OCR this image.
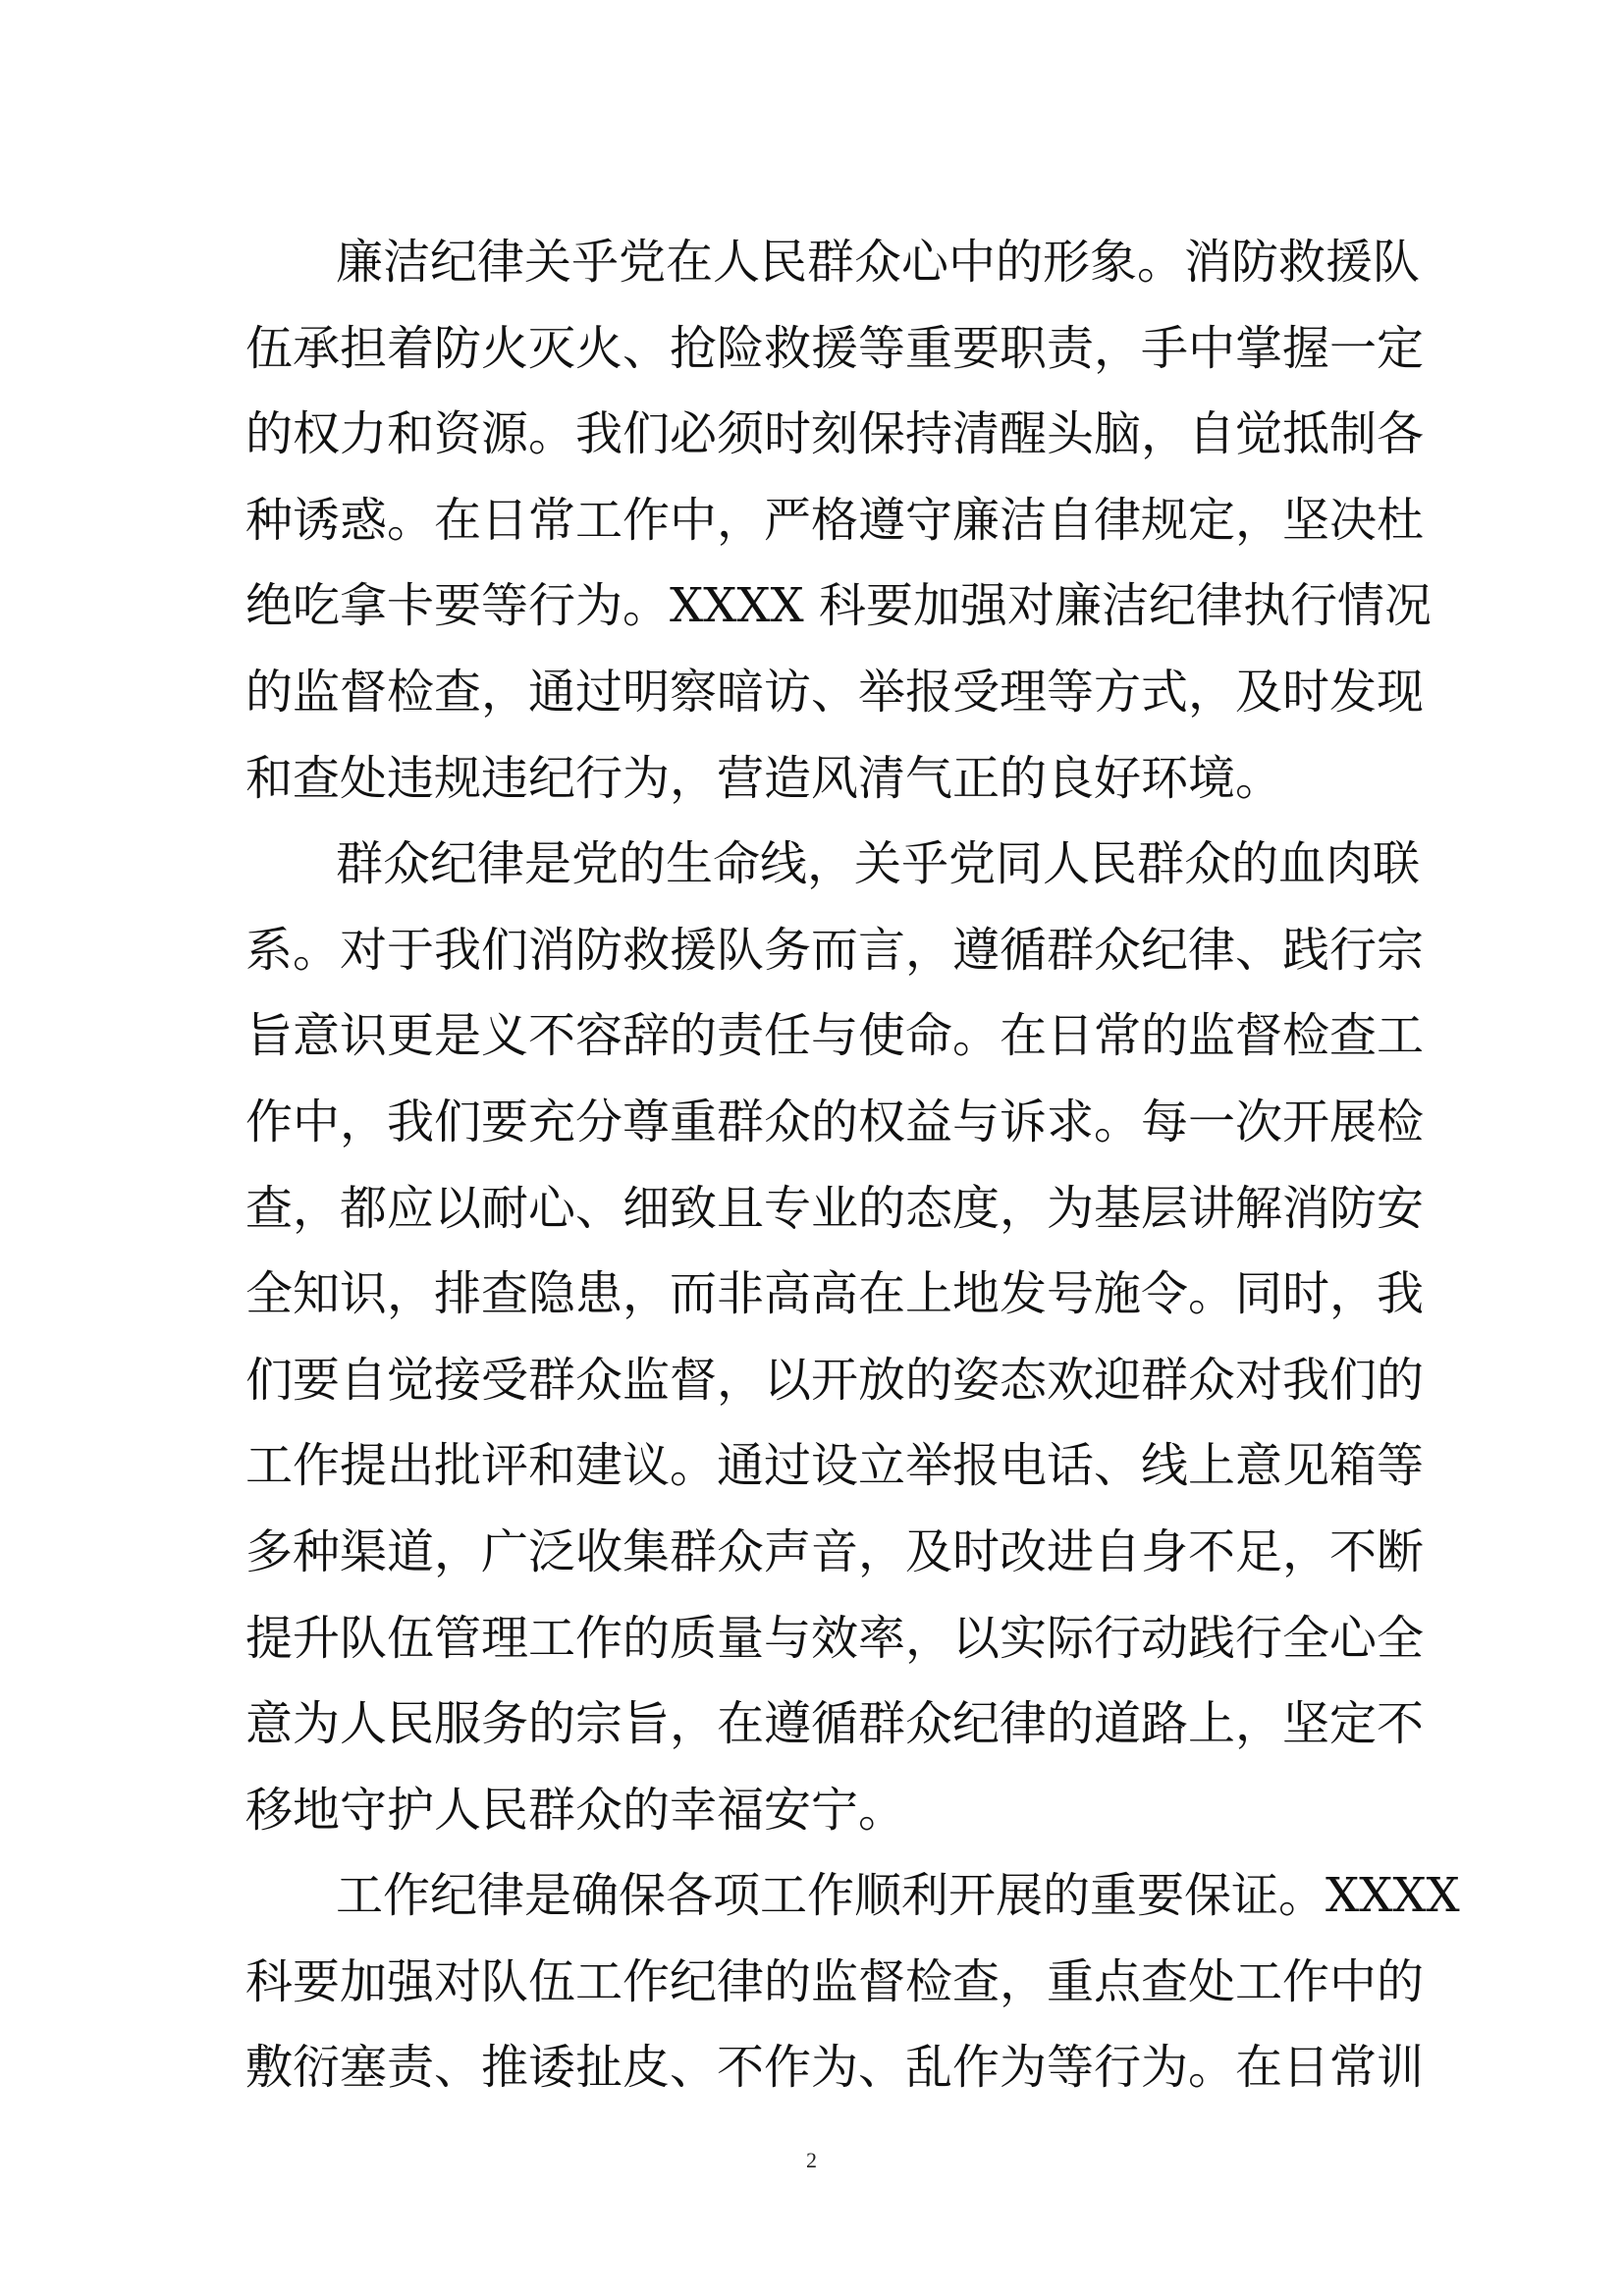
廉洁纪律关乎党在人民群众心中的形象。消防救援队
伍承担着防火灭火、抢险救援等重要职责，手中掌握一定
的权力和资源。我们必须时刻保持清醒头脑，自觉抵制各
种诱惑。在日常工作中，严格遵守廉洁自律规定，坚决杜
绝吃拿卡要等行为。XXXX 科要加强对廉洁纪律执行情况
的监督检查，通过明察暗访、举报受理等方式，及时发现
和查处违规违纪行为，营造风清气正的良好环境。
群众纪律是党的生命线，关乎党同人民群众的血肉联
系。对于我们消防救援队务而言，遵循群众纪律、践行宗
旨意识更是义不容辞的责任与使命。在日常的监督检查工
作中，我们要充分尊重群众的权益与诉求。每一次开展检
查，都应以耐心、细致且专业的态度，为基层讲解消防安
全知识，排查隐患，而非高高在上地发号施令。同时，我
们要自觉接受群众监督，以开放的姿态欢迎群众对我们的
工作提出批评和建议。通过设立举报电话、线上意见箱等
多种渠道，广泛收集群众声音，及时改进自身不足，不断
提升队伍管理工作的质量与效率，以实际行动践行全心全
意为人民服务的宗旨，在遵循群众纪律的道路上，坚定不
移地守护人民群众的幸福安宁。
工作纪律是确保各项工作顺利开展的重要保证。XXXX
科要加强对队伍工作纪律的监督检查，重点查处工作中的
敷衍塞责、推诿扯皮、不作为、乱作为等行为。在日常训
2
